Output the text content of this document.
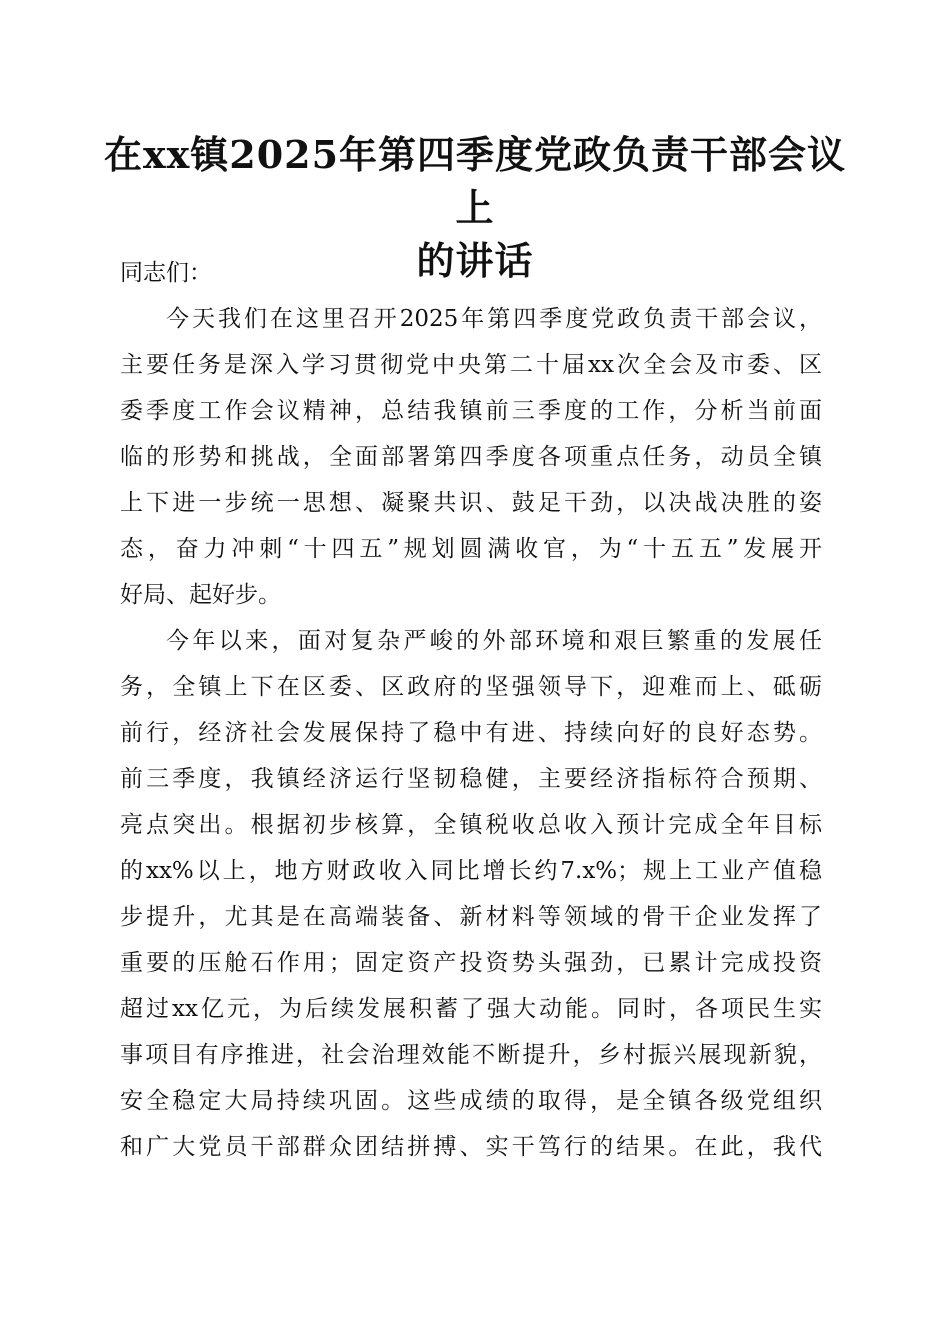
在xx镇2025年第四季度党政负责干部会议上
的讲话
同志们：
今天我们在这里召开2025年第四季度党政负责干部会议，
主要任务是深入学习贯彻党中央第二十届xx次全会及市委、区
委季度工作会议精神，总结我镇前三季度的工作，分析当前面
临的形势和挑战，全面部署第四季度各项重点任务，动员全镇
上下进一步统一思想、凝聚共识、鼓足干劲，以决战决胜的姿
态，奋力冲刺“十四五”规划圆满收官，为“十五五”发展开
好局、起好步。
今年以来，面对复杂严峻的外部环境和艰巨繁重的发展任
务，全镇上下在区委、区政府的坚强领导下，迎难而上、砥砺
前行，经济社会发展保持了稳中有进、持续向好的良好态势。
前三季度，我镇经济运行坚韧稳健，主要经济指标符合预期、
亮点突出。根据初步核算，全镇税收总收入预计完成全年目标
的xx%以上，地方财政收入同比增长约7.x%；规上工业产值稳
步提升，尤其是在高端装备、新材料等领域的骨干企业发挥了
重要的压舱石作用；固定资产投资势头强劲，已累计完成投资
超过xx亿元，为后续发展积蓄了强大动能。同时，各项民生实
事项目有序推进，社会治理效能不断提升，乡村振兴展现新貌，
安全稳定大局持续巩固。这些成绩的取得，是全镇各级党组织
和广大党员干部群众团结拼搏、实干笃行的结果。在此，我代
